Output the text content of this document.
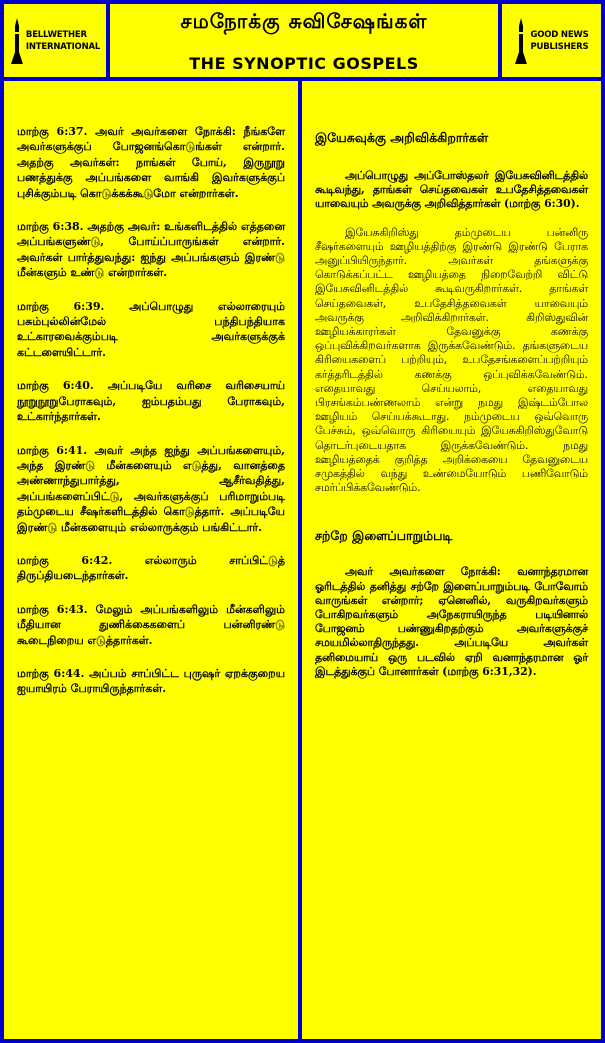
BELLWETHER
INTERNATIONAL
சமநோக்கு சுவிசேஷங்கள்
THE SYNOPTIC GOSPELS
GOOD NEWS
PUBLISHERS

மாற்கு 6:37. அவர் அவர்களை நோக்கி: நீங்களே அவர்களுக்குப் போஜனங்கொடுங்கள் என்றார். அதற்கு அவர்கள்: நாங்கள் போய், இருநூறு பணத்துக்கு அப்பங்களை வாங்கி இவர்களுக்குப் புசிக்கும்படி கொடுக்கக்கூடுமோ என்றார்கள்.

மாற்கு 6:38. அதற்கு அவர்: உங்களிடத்தில் எத்தனை அப்பங்களுண்டு, போய்ப்பாருங்கள் என்றார். அவர்கள் பார்த்துவந்து: ஐந்து அப்பங்களும் இரண்டு மீன்களும் உண்டு என்றார்கள்.

மாற்கு 6:39. அப்பொழுது எல்லாரையும் பசும்புல்லின்மேல் பந்திபந்தியாக உட்காரவைக்கும்படி அவர்களுக்குக் கட்டளையிட்டார்.

மாற்கு 6:40. அப்படியே வரிசை வரிசையாய் நூறுநூறுபேராகவும், ஐம்பதம்பது பேராகவும், உட்கார்ந்தார்கள்.

மாற்கு 6:41. அவர் அந்த ஐந்து அப்பங்களையும், அந்த இரண்டு மீன்களையும் எடுத்து, வானத்தை அண்ணாந்துபார்த்து, ஆசீர்வதித்து, அப்பங்களைப்பிட்டு, அவர்களுக்குப் பரிமாறும்படி தம்முடைய சீஷர்களிடத்தில் கொடுத்தார். அப்படியே இரண்டு மீன்களையும் எல்லாருக்கும் பங்கிட்டார்.

மாற்கு 6:42. எல்லாரும் சாப்பிட்டுத் திருப்தியடைந்தார்கள்.

மாற்கு 6:43. மேலும் அப்பங்களிலும் மீன்களிலும் மீதியான துணிக்கைகளைப் பன்னிரண்டு கூடைநிறைய எடுத்தார்கள்.

மாற்கு 6:44. அப்பம் சாப்பிட்ட புருஷர் ஏறக்குறைய ஐயாயிரம் பேராயிருந்தார்கள்.

இயேசுவுக்கு அறிவிக்கிறார்கள்

அப்பொழுது அப்போஸ்தலர் இயேசுவினிடத்தில் கூடிவந்து, தாங்கள் செய்தவைகள் உபதேசித்தவைகள் யாவையும் அவருக்கு அறிவித்தார்கள் (மாற்கு 6:30).

இயேசுகிறிஸ்து தம்முடைய பன்னிரு சீஷர்களையும் ஊழியத்திற்கு இரண்டு இரண்டு பேராக அனுப்பியிருந்தார். அவர்கள் தங்களுக்கு கொடுக்கப்பட்ட ஊழியத்தை நிறைவேற்றி விட்டு இயேசுவினிடத்தில் கூடிவருகிறார்கள். தாங்கள் செய்தவைகள், உபதேசித்தவைகள் யாவையும் அவருக்கு அறிவிக்கிறார்கள். கிறிஸ்துவின் ஊழியக்காரர்கள் தேவனுக்கு கணக்கு ஒப்புவிக்கிறவர்களாக இருக்கவேண்டும். தங்களுடைய கிரியைகளைப் பற்றியும், உபதேசங்களைப்பற்றியும் கர்த்தரிடத்தில் கணக்கு ஒப்புவிக்கவேண்டும். எதையாவது செய்யலாம், எதையாவது பிரசங்கம்பண்ணலாம் என்று நமது இஷ்டம்போல ஊழியம் செய்யக்கூடாது. நம்முடைய ஒவ்வொரு பேச்சும், ஒவ்வொரு கிரியையும் இயேசுகிறிஸ்துவோடு தொடர்புடையதாக இருக்கவேண்டும். நமது ஊழியத்தைக் குறித்த அறிக்கையை தேவனுடைய சமுகத்தில் வந்து உண்மையோடும் பணிவோடும் சமர்ப்பிக்கவேண்டும்.

சற்றே இளைப்பாறும்படி

அவர் அவர்களை நோக்கி: வனாந்தரமான ஓரிடத்தில் தனித்து சற்றே இளைப்பாறும்படி போவோம் வாருங்கள் என்றார்; ஏனெனில், வருகிறவர்களும் போகிறவர்களும் அநேகராயிருந்த படியினால் போஜனம் பண்ணுகிறதற்கும் அவர்களுக்குச் சமயமில்லாதிருந்தது. அப்படியே அவர்கள் தனிமையாய் ஒரு படவில் ஏறி வனாந்தரமான ஓர் இடத்துக்குப் போனார்கள் (மாற்கு 6:31,32).
